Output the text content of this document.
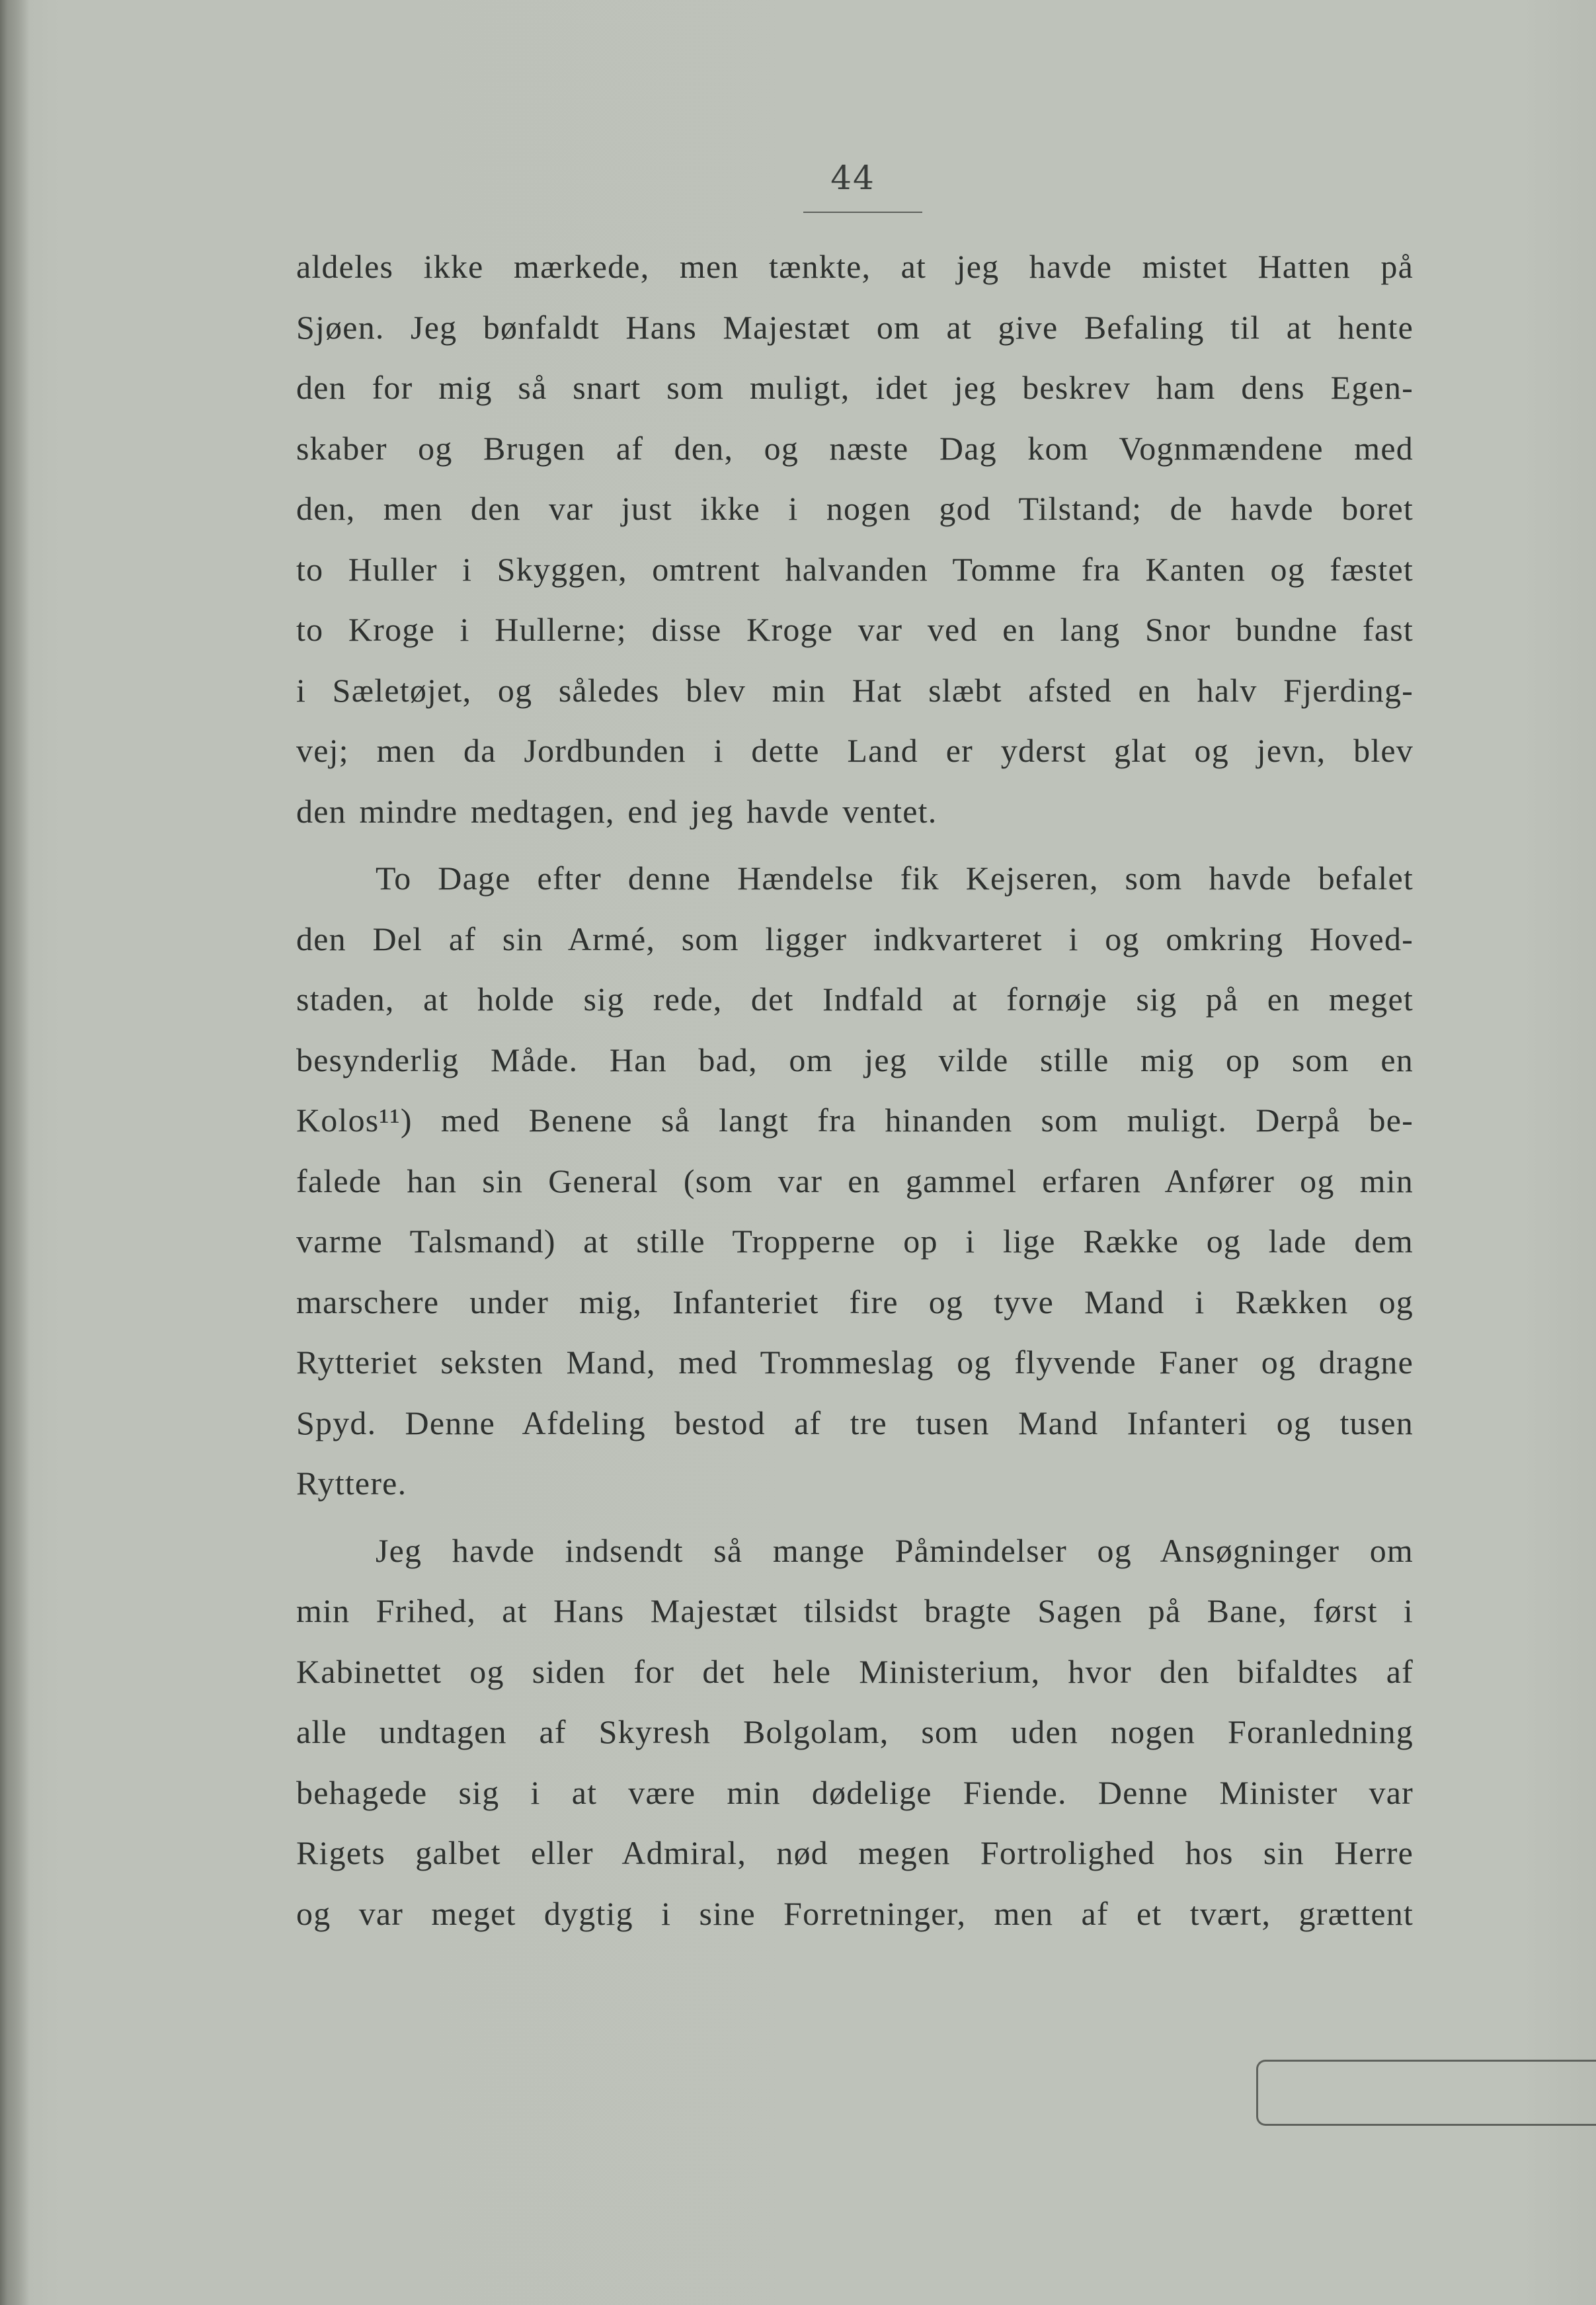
44
aldeles ikke mærkede, men tænkte, at jeg havde mistet Hatten på
Sjøen. Jeg bønfaldt Hans Majestæt om at give Befaling til at hente
den for mig så snart som muligt, idet jeg beskrev ham dens Egen-
skaber og Brugen af den, og næste Dag kom Vognmændene med
den, men den var just ikke i nogen god Tilstand; de havde boret
to Huller i Skyggen, omtrent halvanden Tomme fra Kanten og fæstet
to Kroge i Hullerne; disse Kroge var ved en lang Snor bundne fast
i Sæletøjet, og således blev min Hat slæbt afsted en halv Fjerding-
vej; men da Jordbunden i dette Land er yderst glat og jevn, blev
den mindre medtagen, end jeg havde ventet.
To Dage efter denne Hændelse fik Kejseren, som havde befalet
den Del af sin Armé, som ligger indkvarteret i og omkring Hoved-
staden, at holde sig rede, det Indfald at fornøje sig på en meget
besynderlig Måde. Han bad, om jeg vilde stille mig op som en
Kolos¹¹) med Benene så langt fra hinanden som muligt. Derpå be-
falede han sin General (som var en gammel erfaren Anfører og min
varme Talsmand) at stille Tropperne op i lige Række og lade dem
marschere under mig, Infanteriet fire og tyve Mand i Rækken og
Rytteriet seksten Mand, med Trommeslag og flyvende Faner og dragne
Spyd. Denne Afdeling bestod af tre tusen Mand Infanteri og tusen
Ryttere.
Jeg havde indsendt så mange Påmindelser og Ansøgninger om
min Frihed, at Hans Majestæt tilsidst bragte Sagen på Bane, først i
Kabinettet og siden for det hele Ministerium, hvor den bifaldtes af
alle undtagen af Skyresh Bolgolam, som uden nogen Foranledning
behagede sig i at være min dødelige Fiende. Denne Minister var
Rigets galbet eller Admiral, nød megen Fortrolighed hos sin Herre
og var meget dygtig i sine Forretninger, men af et tvært, grættent
